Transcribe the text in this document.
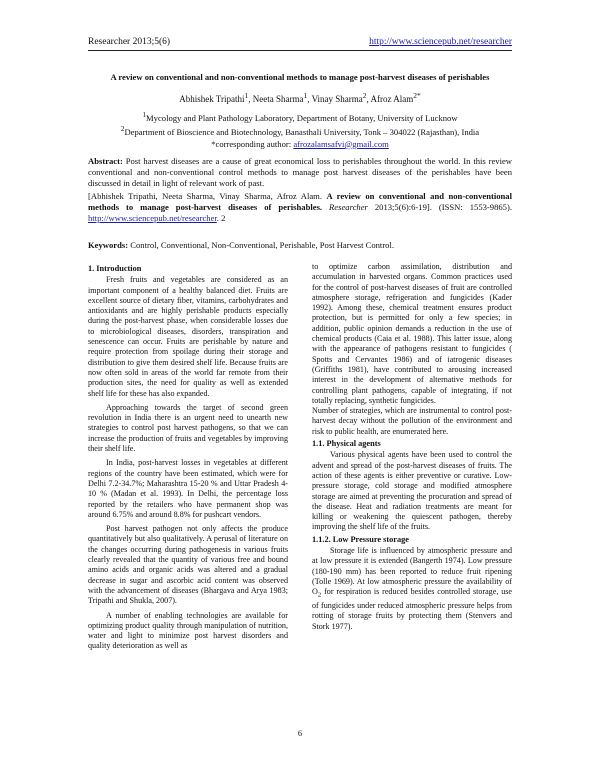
Researcher 2013;5(6)	http://www.sciencepub.net/researcher
A review on conventional and non-conventional methods to manage post-harvest diseases of perishables
Abhishek Tripathi$^1$, Neeta Sharma$^1$, Vinay Sharma$^2$, Afroz Alam$^{2*}$
$^1$Mycology and Plant Pathology Laboratory, Department of Botany, University of Lucknow
$^2$Department of Bioscience and Biotechnology, Banasthali University, Tonk – 304022 (Rajasthan), India
*corresponding author: afrozalamsafvi@gmail.com
Abstract: Post harvest diseases are a cause of great economical loss to perishables throughout the world. In this review conventional and non-conventional control methods to manage post harvest diseases of the perishables have been discussed in detail in light of relevant work of past.
[Abhishek Tripathi, Neeta Sharma, Vinay Sharma, Afroz Alam. A review on conventional and non-conventional methods to manage post-harvest diseases of perishables. Researcher 2013;5(6):6-19]. (ISSN: 1553-9865). http://www.sciencepub.net/researcher. 2
Keywords: Control, Conventional, Non-Conventional, Perishable, Post Harvest Control.
1. Introduction

Fresh fruits and vegetables are considered as an important component of a healthy balanced diet. Fruits are excellent source of dietary fiber, vitamins, carbohydrates and antioxidants and are highly perishable products especially during the post-harvest phase, when considerable losses due to microbiological diseases, disorders, transpiration and senescence can occur. Fruits are perishable by nature and require protection from spoilage during their storage and distribution to give them desired shelf life. Because fruits are now often sold in areas of the world far remote from their production sites, the need for quality as well as extended shelf life for these has also expanded.

Approaching towards the target of second green revolution in India there is an urgent need to unearth new strategies to control post harvest pathogens, so that we can increase the production of fruits and vegetables by improving their shelf life.

In India, post-harvest losses in vegetables at different regions of the country have been estimated, which were for Delhi 7.2-34.7%; Maharashtra 15-20 % and Uttar Pradesh 4-10 % (Madan et al. 1993). In Delhi, the percentage loss reported by the retailers who have permanent shop was around 6.75% and around 8.8% for pushcart vendors.

Post harvest pathogen not only affects the produce quantitatively but also qualitatively. A perusal of literature on the changes occurring during pathogenesis in various fruits clearly revealed that the quantity of various free and bound amino acids and organic acids was altered and a gradual decrease in sugar and ascorbic acid content was observed with the advancement of diseases (Bhargava and Arya 1983; Tripathi and Shukla, 2007).

A number of enabling technologies are available for optimizing product quality through manipulation of nutrition, water and light to minimize post harvest disorders and quality deterioration as well as

to optimize carbon assimilation, distribution and accumulation in harvested organs. Common practices used for the control of post-harvest diseases of fruit are controlled atmosphere storage, refrigeration and fungicides (Kader 1992). Among these, chemical treatment ensures product protection, but is permitted for only a few species; in addition, public opinion demands a reduction in the use of chemical products (Caia et al. 1988). This latter issue, along with the appearance of pathogens resistant to fungicides ( Spotts and Cervantes 1986) and of iatrogenic diseases (Griffiths 1981), have contributed to arousing increased interest in the development of alternative methods for controlling plant pathogens, capable of integrating, if not totally replacing, synthetic fungicides.

Number of strategies, which are instrumental to control post-harvest decay without the pollution of the environment and risk to public health, are enumerated here.

1.1. Physical agents

Various physical agents have been used to control the advent and spread of the post-harvest diseases of fruits. The action of these agents is either preventive or curative. Low-pressure storage, cold storage and modified atmosphere storage are aimed at preventing the procuration and spread of the disease. Heat and radiation treatments are meant for killing or weakening the quiescent pathogen, thereby improving the shelf life of the fruits.

1.1.2. Low Pressure storage

Storage life is influenced by atmospheric pressure and at low pressure it is extended (Bangerth 1974). Low pressure (180-190 mm) has been reported to reduce fruit ripening (Tolle 1969). At low atmospheric pressure the availability of $O_2$ for respiration is reduced besides controlled storage, use of fungicides under reduced atmospheric pressure helps from rotting of storage fruits by protecting them (Stenvers and Stork 1977).

6
